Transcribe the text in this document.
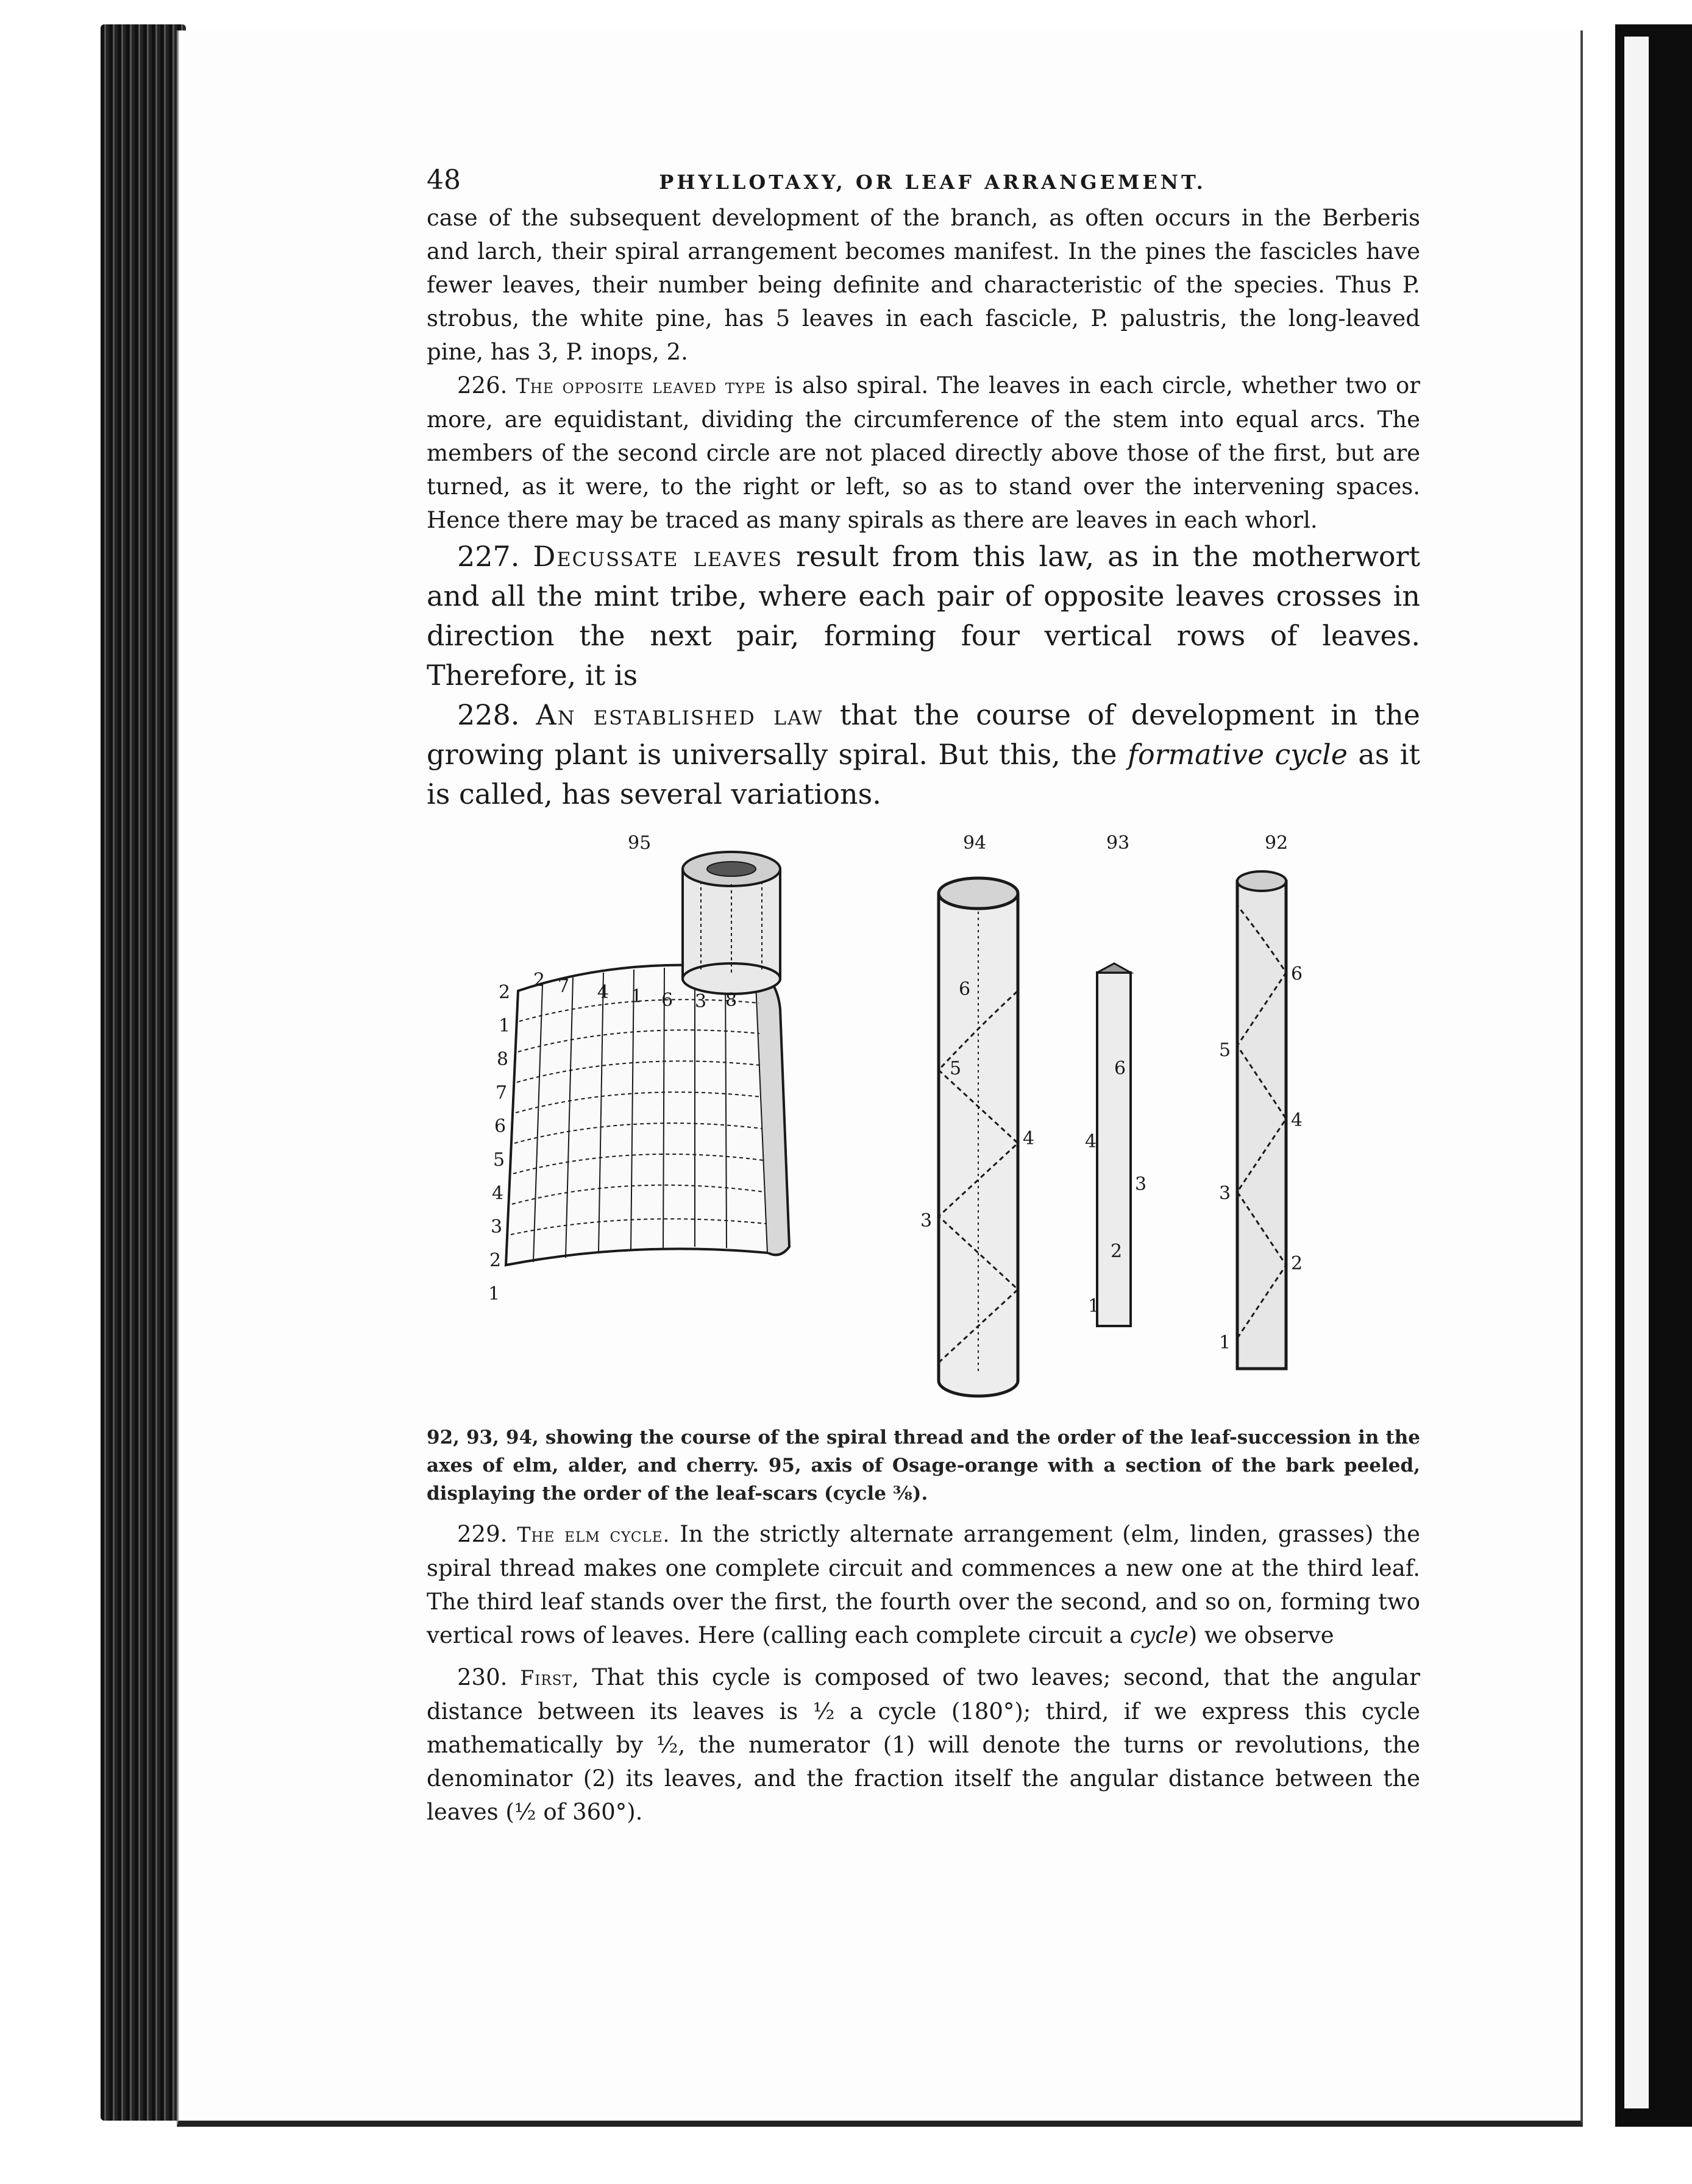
48	PHYLLOTAXY, OR LEAF ARRANGEMENT.

case of the subsequent development of the branch, as often occurs in the Berberis and larch, their spiral arrangement becomes manifest. In the pines the fascicles have fewer leaves, their number being definite and characteristic of the species. Thus P. strobus, the white pine, has 5 leaves in each fascicle, P. palustris, the long-leaved pine, has 3, P. inops, 2.

226. The opposite leaved type is also spiral. The leaves in each circle, whether two or more, are equidistant, dividing the circumference of the stem into equal arcs. The members of the second circle are not placed directly above those of the first, but are turned, as it were, to the right or left, so as to stand over the intervening spaces. Hence there may be traced as many spirals as there are leaves in each whorl.

227. Decussate leaves result from this law, as in the motherwort and all the mint tribe, where each pair of opposite leaves crosses in direction the next pair, forming four vertical rows of leaves. Therefore, it is

228. An established law that the course of development in the growing plant is universally spiral. But this, the formative cycle as it is called, has several variations.

95	94	93	92
2 7 4 1 6 3 8
2
1
8
7
6
5
4
3
2
1
6
5
4
3
6
4
3
2
1
6
5
4
3
2
1

92, 93, 94, showing the course of the spiral thread and the order of the leaf-succession in the axes of elm, alder, and cherry. 95, axis of Osage-orange with a section of the bark peeled, displaying the order of the leaf-scars (cycle ⅜).

229. The elm cycle. In the strictly alternate arrangement (elm, linden, grasses) the spiral thread makes one complete circuit and commences a new one at the third leaf. The third leaf stands over the first, the fourth over the second, and so on, forming two vertical rows of leaves. Here (calling each complete circuit a cycle) we observe

230. First, That this cycle is composed of two leaves; second, that the angular distance between its leaves is ½ a cycle (180°); third, if we express this cycle mathematically by ½, the numerator (1) will denote the turns or revolutions, the denominator (2) its leaves, and the fraction itself the angular distance between the leaves (½ of 360°).
